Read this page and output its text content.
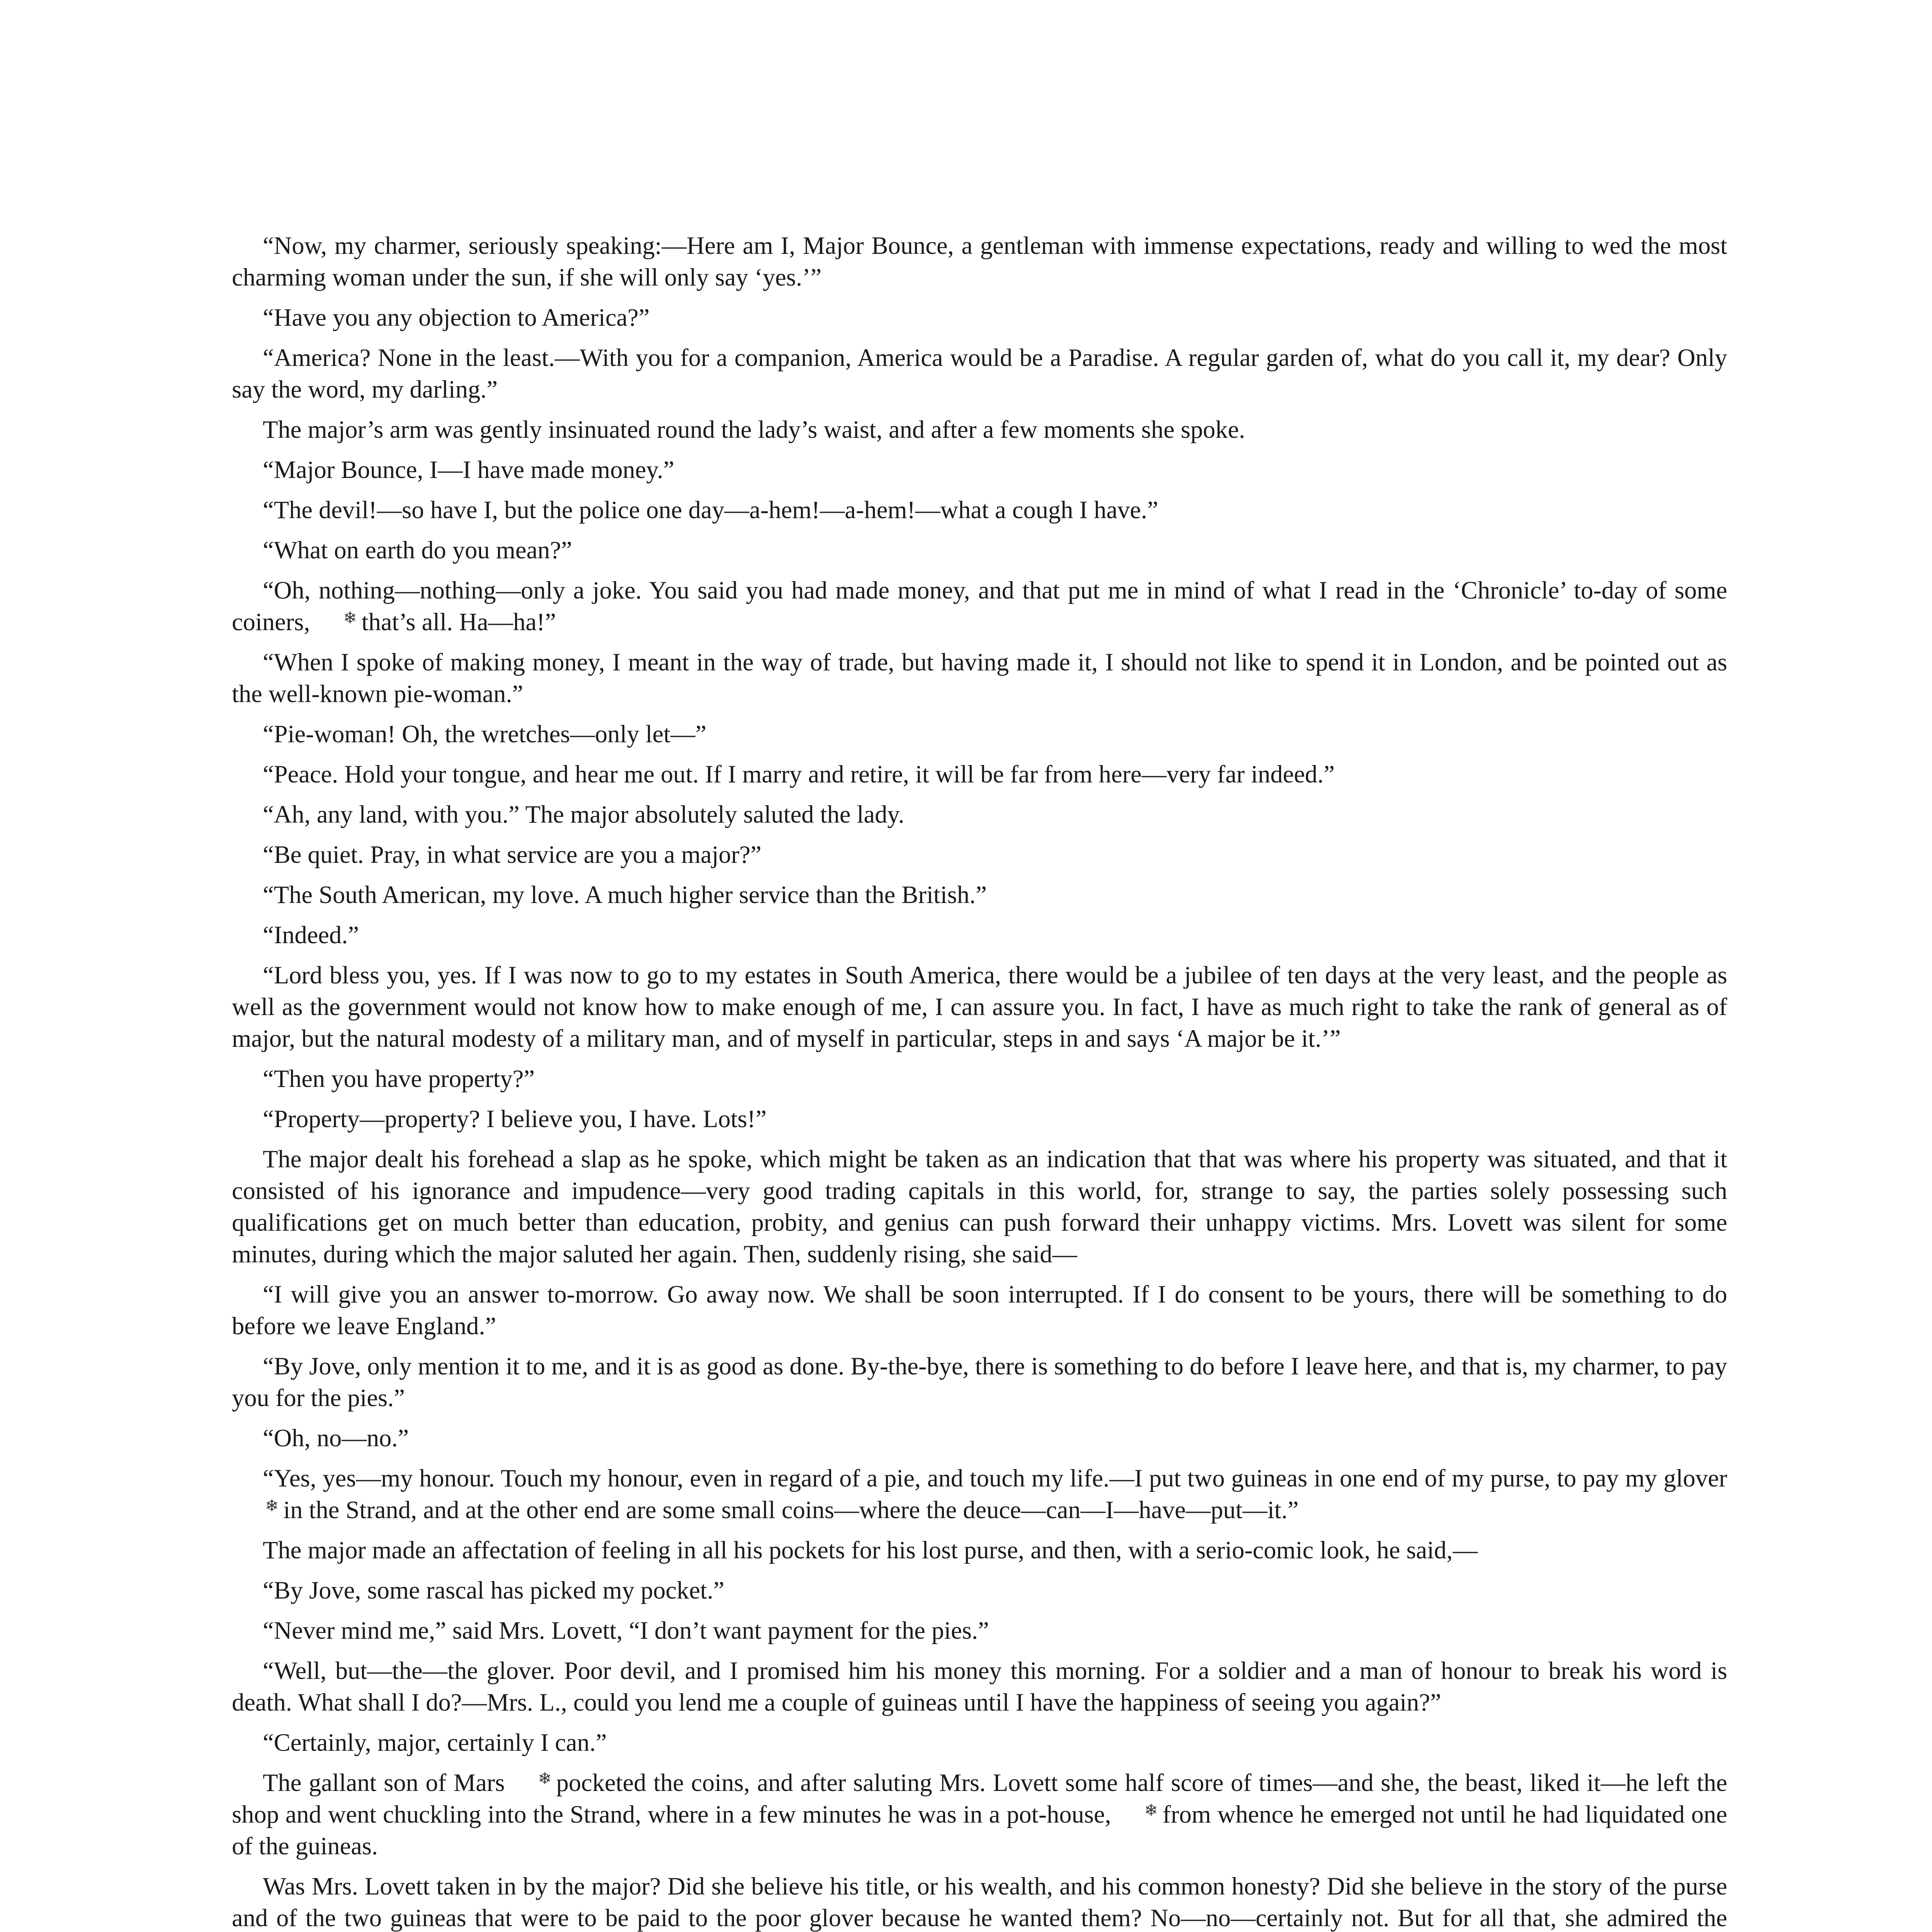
“Now, my charmer, seriously speaking:—Here am I, Major Bounce, a gentleman with immense expectations, ready and willing to wed the most charming woman under the sun, if she will only say ‘yes.’”

“Have you any objection to America?”

“America? None in the least.—With you for a companion, America would be a Paradise. A regular garden of, what do you call it, my dear? Only say the word, my darling.”

The major’s arm was gently insinuated round the lady’s waist, and after a few moments she spoke.

“Major Bounce, I—I have made money.”

“The devil!—so have I, but the police one day—a-hem!—a-hem!—what a cough I have.”

“What on earth do you mean?”

“Oh, nothing—nothing—only a joke. You said you had made money, and that put me in mind of what I read in the ‘Chronicle’ to-day of some coiners, ❄ that’s all. Ha—ha!”

“When I spoke of making money, I meant in the way of trade, but having made it, I should not like to spend it in London, and be pointed out as the well-known pie-woman.”

“Pie-woman! Oh, the wretches—only let—”

“Peace. Hold your tongue, and hear me out. If I marry and retire, it will be far from here—very far indeed.”

“Ah, any land, with you.” The major absolutely saluted the lady.

“Be quiet. Pray, in what service are you a major?”

“The South American, my love. A much higher service than the British.”

“Indeed.”

“Lord bless you, yes. If I was now to go to my estates in South America, there would be a jubilee of ten days at the very least, and the people as well as the government would not know how to make enough of me, I can assure you. In fact, I have as much right to take the rank of general as of major, but the natural modesty of a military man, and of myself in particular, steps in and says ‘A major be it.’”

“Then you have property?”

“Property—property? I believe you, I have. Lots!”

The major dealt his forehead a slap as he spoke, which might be taken as an indication that that was where his property was situated, and that it consisted of his ignorance and impudence—very good trading capitals in this world, for, strange to say, the parties solely possessing such qualifications get on much better than education, probity, and genius can push forward their unhappy victims. Mrs. Lovett was silent for some minutes, during which the major saluted her again. Then, suddenly rising, she said—

“I will give you an answer to-morrow. Go away now. We shall be soon interrupted. If I do consent to be yours, there will be something to do before we leave England.”

“By Jove, only mention it to me, and it is as good as done. By-the-bye, there is something to do before I leave here, and that is, my charmer, to pay you for the pies.”

“Oh, no—no.”

“Yes, yes—my honour. Touch my honour, even in regard of a pie, and touch my life.—I put two guineas in one end of my purse, to pay my glover❄ in the Strand, and at the other end are some small coins—where the deuce—can—I—have—put—it.”

The major made an affectation of feeling in all his pockets for his lost purse, and then, with a serio-comic look, he said,—

“By Jove, some rascal has picked my pocket.”

“Never mind me,” said Mrs. Lovett, “I don’t want payment for the pies.”

“Well, but—the—the glover. Poor devil, and I promised him his money this morning. For a soldier and a man of honour to break his word is death. What shall I do?—Mrs. L., could you lend me a couple of guineas until I have the happiness of seeing you again?”

“Certainly, major, certainly I can.”

The gallant son of Mars ❄ pocketed the coins, and after saluting Mrs. Lovett some half score of times—and she, the beast, liked it—he left the shop and went chuckling into the Strand, where in a few minutes he was in a pot-house, ❄ from whence he emerged not until he had liquidated one of the guineas.

Was Mrs. Lovett taken in by the major? Did she believe his title, or his wealth, and his common honesty? Did she believe in the story of the purse and of the two guineas that were to be paid to the poor glover because he wanted them? No—no—certainly not. But for all that, she admired the
